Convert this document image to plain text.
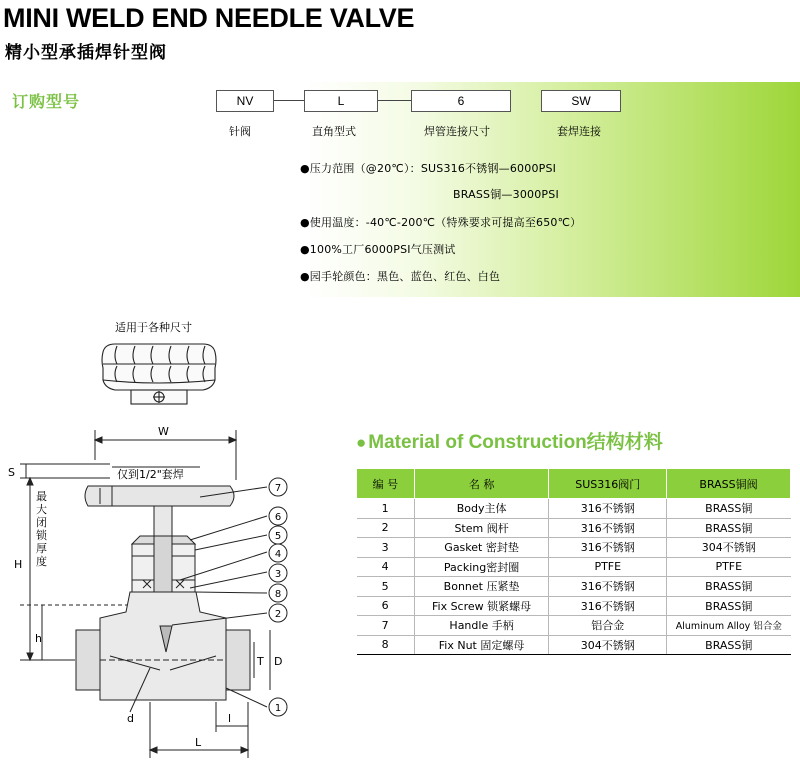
MINI WELD END NEEDLE VALVE
精小型承插焊针型阀
订购型号	NV	L	6	SW
针阀	直角型式	焊管连接尺寸	套焊连接
●压力范围（@20℃）：SUS316不锈钢—6000PSI
BRASS铜—3000PSI
●使用温度：-40℃-200℃（特殊要求可提高至650℃）
●100%工厂6000PSI气压测试
●园手轮颜色：黑色、蓝色、红色、白色
适用于各种尺寸
W
S	仅到1/2"套焊
H
h
T D
d	l
L
最大闭 锁厚度
7
6
5
4
3
8
2
1
● Material of Construction结构材料
编 号	名 称	SUS316阀门	BRASS铜阀
1	Body主体	316不锈钢	BRASS铜
2	Stem 阀杆	316不锈钢	BRASS铜
3	Gasket 密封垫	316不锈钢	304不锈钢
4	Packing密封圈	PTFE	PTFE
5	Bonnet 压紧垫	316不锈钢	BRASS铜
6	Fix Screw 锁紧螺母	316不锈钢	BRASS铜
7	Handle 手柄	铝合金	Aluminum Alloy 铝合金
8	Fix Nut 固定螺母	304不锈钢	BRASS铜
